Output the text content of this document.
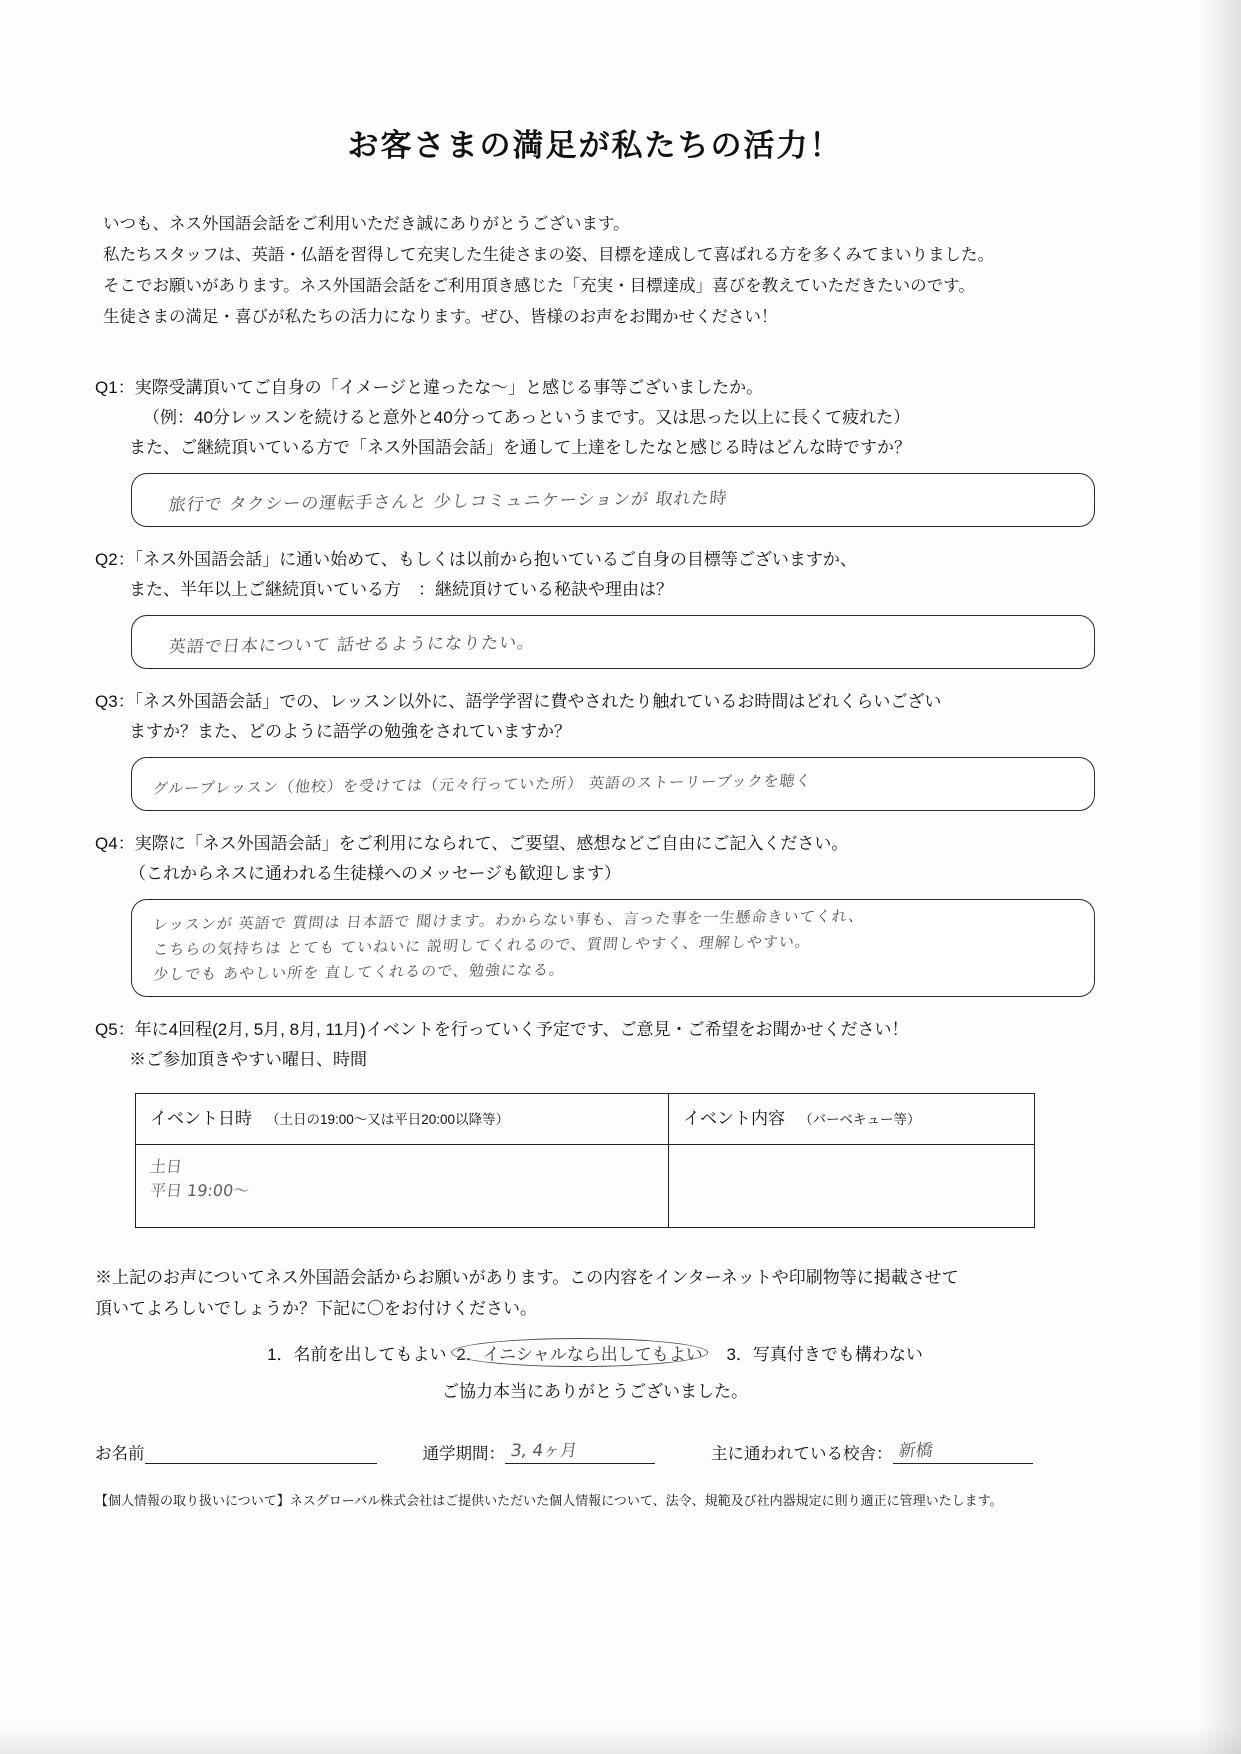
お客さまの満足が私たちの活力！
いつも、ネス外国語会話をご利用いただき誠にありがとうございます。
私たちスタッフは、英語・仏語を習得して充実した生徒さまの姿、目標を達成して喜ばれる方を多くみてまいりました。
そこでお願いがあります。ネス外国語会話をご利用頂き感じた「充実・目標達成」喜びを教えていただきたいのです。
生徒さまの満足・喜びが私たちの活力になります。ぜひ、皆様のお声をお聞かせください！
Q1：実際受講頂いてご自身の「イメージと違ったな～」と感じる事等ございましたか。
（例：40分レッスンを続けると意外と40分ってあっというまです。又は思った以上に長くて疲れた）
また、ご継続頂いている方で「ネス外国語会話」を通して上達をしたなと感じる時はどんな時ですか？
旅行で タクシーの運転手さんと 少しコミュニケーションが 取れた時
Q2：「ネス外国語会話」に通い始めて、もしくは以前から抱いているご自身の目標等ございますか、
また、半年以上ご継続頂いている方　：継続頂けている秘訣や理由は？
英語で日本について 話せるようになりたい。
Q3：「ネス外国語会話」での、レッスン以外に、語学学習に費やされたり触れているお時間はどれくらいござい
ますか？また、どのように語学の勉強をされていますか？
グループレッスン（他校）を受けては（元々行っていた所） 英語のストーリーブックを聴く
Q4：実際に「ネス外国語会話」をご利用になられて、ご要望、感想などご自由にご記入ください。
（これからネスに通われる生徒様へのメッセージも歓迎します）
レッスンが 英語で 質問は 日本語で 聞けます。わからない事も、言った事を一生懸命きいてくれ、
こちらの気持ちは とても ていねいに 説明してくれるので、質問しやすく、理解しやすい。
少しでも あやしい所を 直してくれるので、勉強になる。
Q5：年に4回程(2月, 5月, 8月, 11月)イベントを行っていく予定です、ご意見・ご希望をお聞かせください！
※ご参加頂きやすい曜日、時間
イベント日時 （土日の19:00～又は平日20:00以降等）	イベント内容 （バーベキュー等）

土日
平日 19:00～	

※上記のお声についてネス外国語会話からお願いがあります。この内容をインターネットや印刷物等に掲載させて
頂いてよろしいでしょうか？下記に〇をお付けください。
1．名前を出してもよい 2．イニシャルなら出してもよい 3．写真付きでも構わない
ご協力本当にありがとうございました。
お名前	通学期間： 3, 4ヶ月	主に通われている校舎： 新橋
【個人情報の取り扱いについて】ネスグローバル株式会社はご提供いただいた個人情報について、法令、規範及び社内器規定に則り適正に管理いたします。
